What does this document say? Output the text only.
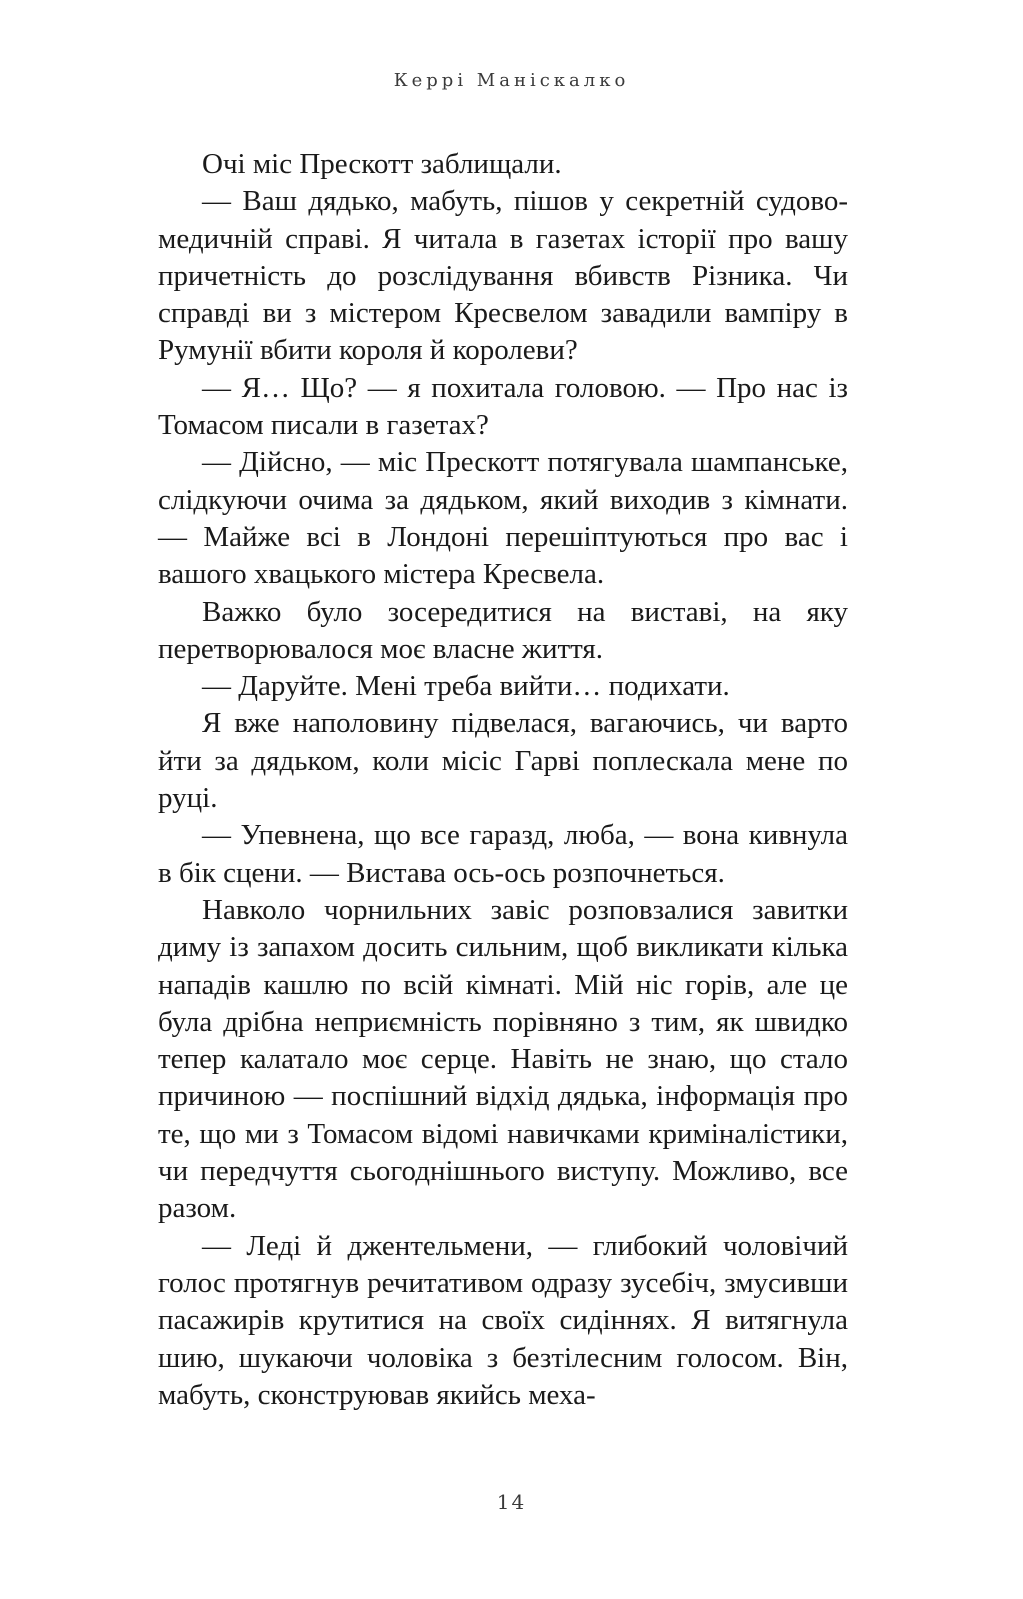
Керрі Маніскалко

Очі міс Прескотт заблищали.

— Ваш дядько, мабуть, пішов у секретній судово-медичній справі. Я читала в газетах історії про вашу причетність до розслідування вбивств Різника. Чи справді ви з містером Кресвелом завадили вампіру в Румунії вбити короля й королеви?

— Я… Що? — я похитала головою. — Про нас із Томасом писали в газетах?

— Дійсно, — міс Прескотт потягувала шампанське, слідкуючи очима за дядьком, який виходив з кімнати. — Майже всі в Лондоні перешіптуються про вас і вашого хвацького містера Кресвела.

Важко було зосередитися на виставі, на яку перетворювалося моє власне життя.

— Даруйте. Мені треба вийти… подихати.

Я вже наполовину підвелася, вагаючись, чи варто йти за дядьком, коли місіс Гарві поплескала мене по руці.

— Упевнена, що все гаразд, люба, — вона кивнула в бік сцени. — Вистава ось-ось розпочнеться.

Навколо чорнильних завіс розповзалися завитки диму із запахом досить сильним, щоб викликати кілька нападів кашлю по всій кімнаті. Мій ніс горів, але це була дрібна неприємність порівняно з тим, як швидко тепер калатало моє серце. Навіть не знаю, що стало причиною — поспішний відхід дядька, інформація про те, що ми з Томасом відомі навичками криміналістики, чи передчуття сьогоднішнього виступу. Можливо, все разом.

— Леді й джентельмени, — глибокий чоловічий голос протягнув речитативом одразу зусебіч, змусивши пасажирів крутитися на своїх сидіннях. Я витягнула шию, шукаючи чоловіка з безтілесним голосом. Він, мабуть, сконструював якийсь меха-

14
